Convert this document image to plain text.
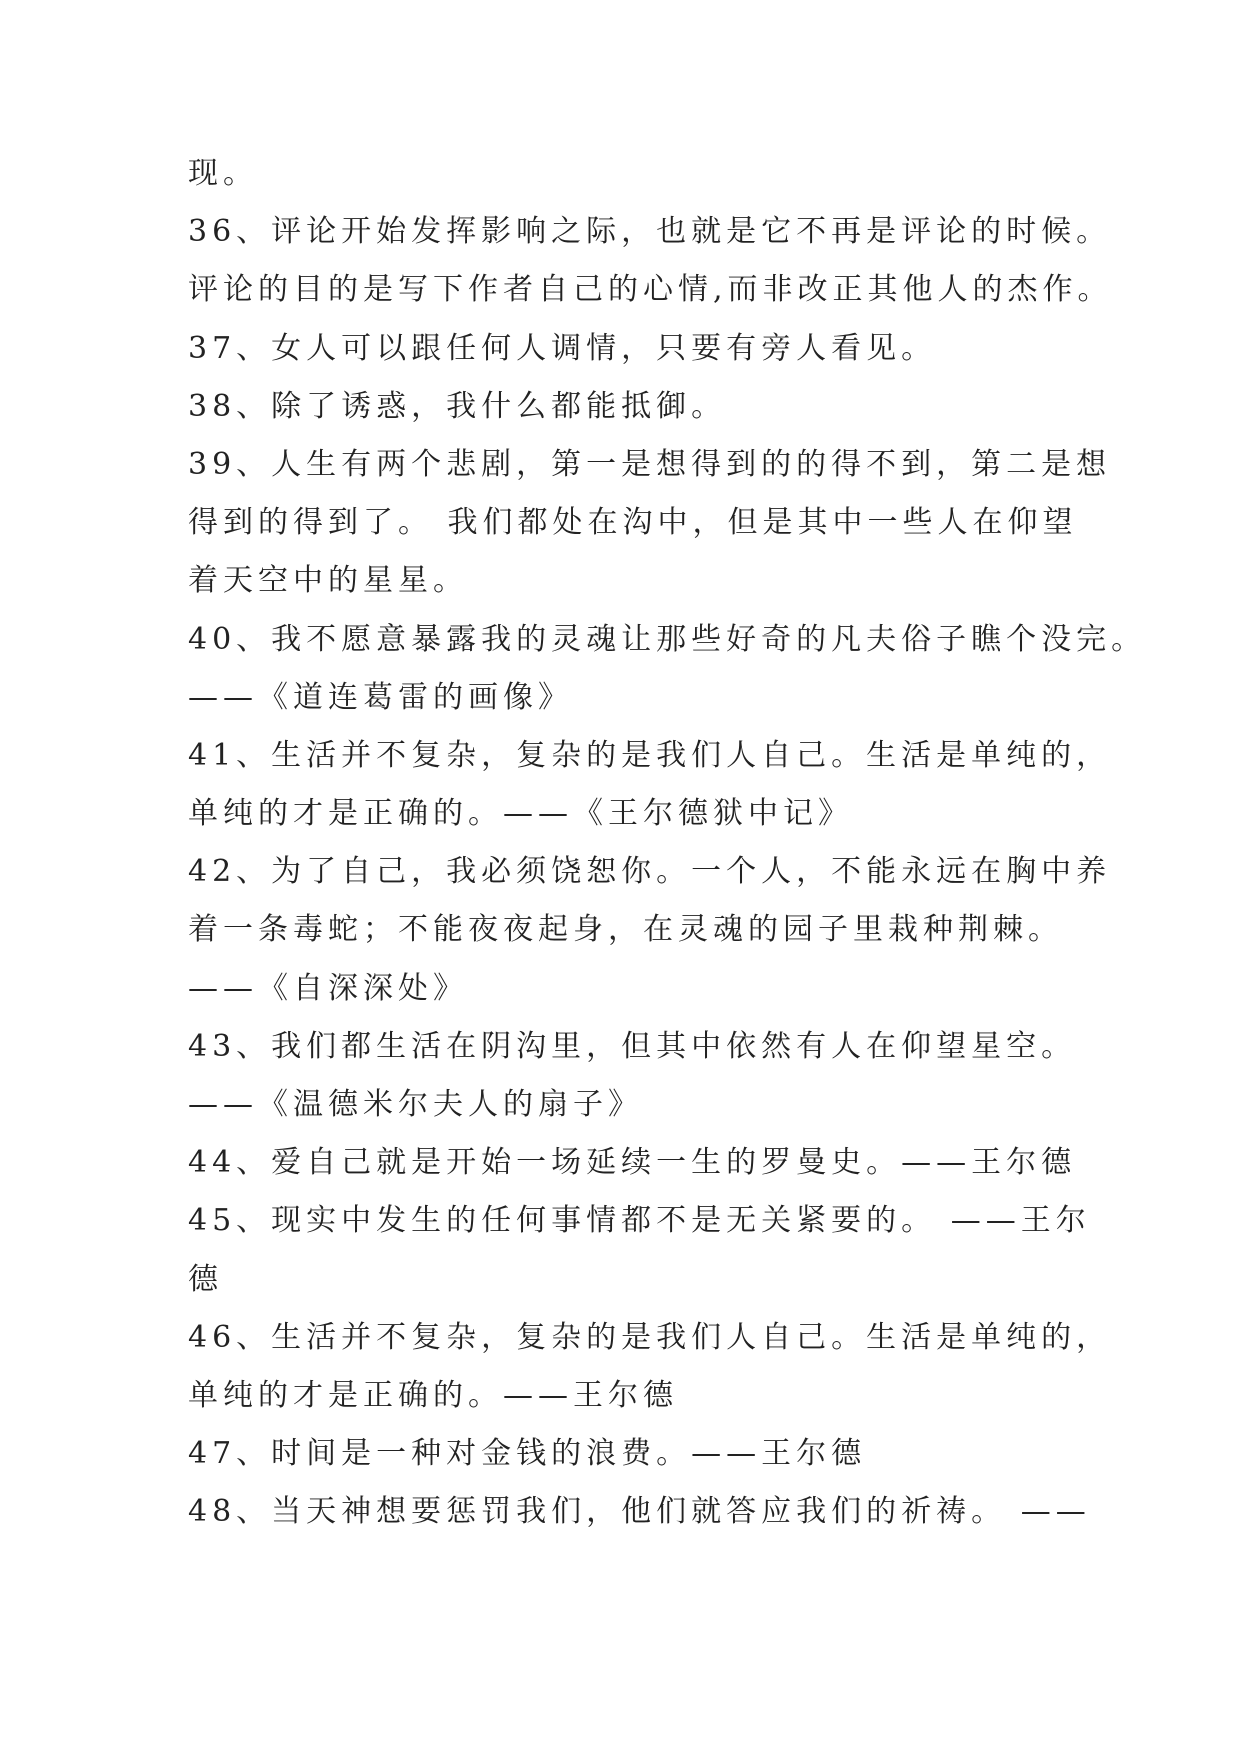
现。
36、评论开始发挥影响之际，也就是它不再是评论的时候。
评论的目的是写下作者自己的心情,而非改正其他人的杰作。
37、女人可以跟任何人调情，只要有旁人看见。
38、除了诱惑，我什么都能抵御。
39、人生有两个悲剧，第一是想得到的的得不到，第二是想
得到的得到了。 我们都处在沟中，但是其中一些人在仰望
着天空中的星星。
40、我不愿意暴露我的灵魂让那些好奇的凡夫俗子瞧个没完。
——《道连葛雷的画像》
41、生活并不复杂，复杂的是我们人自己。生活是单纯的，
单纯的才是正确的。——《王尔德狱中记》
42、为了自己，我必须饶恕你。一个人，不能永远在胸中养
着一条毒蛇；不能夜夜起身，在灵魂的园子里栽种荆棘。
——《自深深处》
43、我们都生活在阴沟里，但其中依然有人在仰望星空。
——《温德米尔夫人的扇子》
44、爱自己就是开始一场延续一生的罗曼史。——王尔德
45、现实中发生的任何事情都不是无关紧要的。 ——王尔
德
46、生活并不复杂，复杂的是我们人自己。生活是单纯的，
单纯的才是正确的。——王尔德
47、时间是一种对金钱的浪费。——王尔德
48、当天神想要惩罚我们，他们就答应我们的祈祷。 ——
